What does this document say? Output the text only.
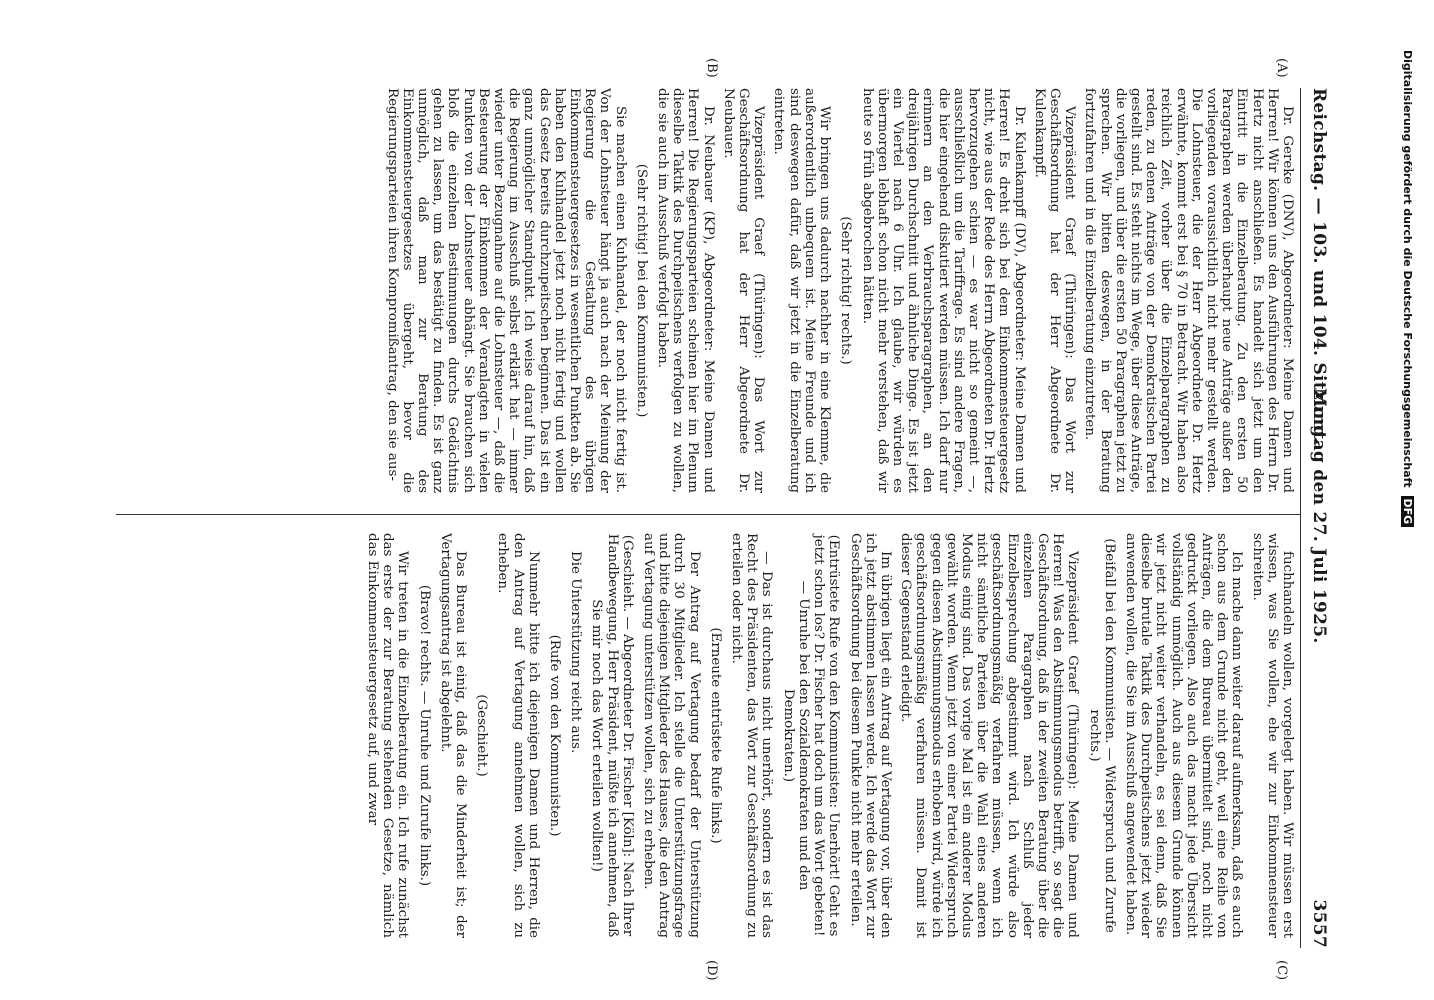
Reichstag. — 103. und 104. Sitzung.
Montag den 27. Juli 1925.
3557
(A)
(B)
(C)
(D)

Dr. Gereke (DNV), Abgeordneter: Meine Damen und Herren! Wir können uns den Ausführungen des Herrn Dr. Hertz nicht anschließen. Es handelt sich jetzt um den Eintritt in die Einzelberatung. Zu den ersten 50 Paragraphen werden überhaupt neue Anträge außer den vorliegenden voraussichtlich nicht mehr gestellt werden. Die Lohnsteuer, die der Herr Abgeordnete Dr. Hertz erwähnte, kommt erst bei § 70 in Betracht. Wir haben also reichlich Zeit, vorher über die Einzelparagraphen zu reden, zu denen Anträge von der Demokratischen Partei gestellt sind. Es steht nichts im Wege, über diese Anträge, die vorliegen, und über die ersten 50 Paragraphen jetzt zu sprechen. Wir bitten deswegen, in der Beratung fortzufahren und in die Einzelberatung einzutreten.

Vizepräsident Graef (Thüringen): Das Wort zur Geschäftsordnung hat der Herr Abgeordnete Dr. Kulenkampff.

Dr. Kulenkampff (DV), Abgeordneter: Meine Damen und Herren! Es dreht sich bei dem Einkommensteuergesetz nicht, wie aus der Rede des Herrn Abgeordneten Dr. Hertz hervorzugehen schien — es war nicht so gemeint —, ausschließlich um die Tariffrage. Es sind andere Fragen, die hier eingehend diskutiert werden müssen. Ich darf nur erinnern an den Verbrauchsparagraphen, an den dreijährigen Durchschnitt und ähnliche Dinge. Es ist jetzt ein Viertel nach 6 Uhr. Ich glaube, wir würden es übermorgen lebhaft schon nicht mehr verstehen, daß wir heute so früh abgebrochen hätten.

(Sehr richtig! rechts.)

Wir bringen uns dadurch nachher in eine Klemme, die außerordentlich unbequem ist. Meine Freunde und ich sind deswegen dafür, daß wir jetzt in die Einzelberatung eintreten.

Vizepräsident Graef (Thüringen): Das Wort zur Geschäftsordnung hat der Herr Abgeordnete Dr. Neubauer.

Dr. Neubauer (KP), Abgeordneter: Meine Damen und Herren! Die Regierungsparteien scheinen hier im Plenum dieselbe Taktik des Durchpeitschens verfolgen zu wollen, die sie auch im Ausschuß verfolgt haben.

(Sehr richtig! bei den Kommunisten.)

Sie machen einen Kuhhandel, der noch nicht fertig ist. Von der Lohnsteuer hängt ja auch nach der Meinung der Regierung die Gestaltung des übrigen Einkommensteuergesetzes in wesentlichen Punkten ab. Sie haben den Kuhhandel jetzt noch nicht fertig und wollen das Gesetz bereits durchzupeitschen beginnen. Das ist ein ganz unmöglicher Standpunkt. Ich weise darauf hin, daß die Regierung im Ausschuß selbst erklärt hat — immer wieder unter Bezugnahme auf die Lohnsteuer —, daß die Besteuerung der Einkommen der Veranlagten in vielen Punkten von der Lohnsteuer abhängt. Sie brauchen sich bloß die einzelnen Bestimmungen durchs Gedächtnis gehen zu lassen, um das bestätigt zu finden. Es ist ganz unmöglich, daß man zur Beratung des Einkommensteuergesetzes übergeht, bevor die Regierungsparteien ihren Kompromißantrag, den sie aus-

fuchhandeln wollen, vorgelegt haben. Wir müssen erst wissen, was Sie wollen, ehe wir zur Einkommensteuer schreiten.

Ich mache dann weiter darauf aufmerksam, daß es auch schon aus dem Grunde nicht geht, weil eine Reihe von Anträgen, die dem Bureau übermittelt sind, noch nicht gedruckt vorliegen. Also auch das macht jede Übersicht vollständig unmöglich. Auch aus diesem Grunde können wir jetzt nicht weiter verhandeln, es sei denn, daß Sie dieselbe brutale Taktik des Durchpeitschens jetzt wieder anwenden wollen, die Sie im Ausschuß angewendet haben.

(Beifall bei den Kommunisten. — Widerspruch und Zurufe rechts.)

Vizepräsident Graef (Thüringen): Meine Damen und Herren! Was den Abstimmungsmodus betrifft, so sagt die Geschäftsordnung, daß in der zweiten Beratung über die einzelnen Paragraphen nach Schluß jeder Einzelbesprechung abgestimmt wird. Ich würde also geschäftsordnungsmäßig verfahren müssen, wenn ich nicht sämtliche Parteien über die Wahl eines anderen Modus einig sind. Das vorige Mal ist ein anderer Modus gewählt worden. Wenn jetzt von einer Partei Widerspruch gegen diesen Abstimmungsmodus erhoben wird, würde ich geschäftsordnungsmäßig verfahren müssen. Damit ist dieser Gegenstand erledigt.

Im übrigen liegt ein Antrag auf Vertagung vor, über den ich jetzt abstimmen lassen werde. Ich werde das Wort zur Geschäftsordnung bei diesem Punkte nicht mehr erteilen.

(Entrüstete Rufe von den Kommunisten: Unerhört! Geht es jetzt schon los? Dr. Fischer hat doch um das Wort gebeten! — Unruhe bei den Sozialdemokraten und den Demokraten.)

— Das ist durchaus nicht unerhört, sondern es ist das Recht des Präsidenten, das Wort zur Geschäftsordnung zu erteilen oder nicht.

(Erneute entrüstete Rufe links.)

Der Antrag auf Vertagung bedarf der Unterstützung durch 30 Mitglieder. Ich stelle die Unterstützungsfrage und bitte diejenigen Mitglieder des Hauses, die den Antrag auf Vertagung unterstützen wollen, sich zu erheben.

(Geschieht. — Abgeordneter Dr. Fischer [Köln]: Nach Ihrer Handbewegung, Herr Präsident, müßte ich annehmen, daß Sie mir noch das Wort erteilen wollten!)

Die Unterstützung reicht aus.

(Rufe von den Kommunisten.)

Nunmehr bitte ich diejenigen Damen und Herren, die den Antrag auf Vertagung annehmen wollen, sich zu erheben.

(Geschieht.)

Das Bureau ist einig, daß das die Minderheit ist; der Vertagungsantrag ist abgelehnt.

(Bravo! rechts. — Unruhe und Zurufe links.)

Wir treten in die Einzelberatung ein. Ich rufe zunächst das erste der zur Beratung stehenden Gesetze, nämlich das Einkommensteuergesetz auf, und zwar

Digitalisierung gefördert durch die Deutsche Forschungsgemeinschaft DFG
